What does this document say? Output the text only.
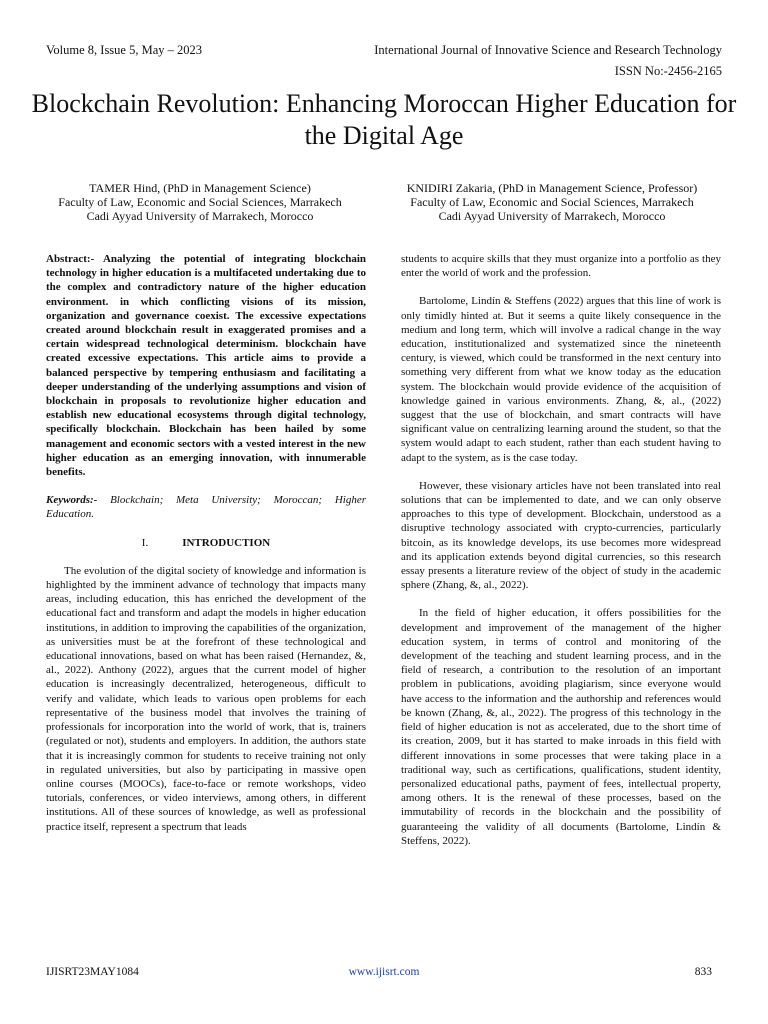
Volume 8, Issue 5, May – 2023	International Journal of Innovative Science and Research Technology
ISSN No:-2456-2165
Blockchain Revolution: Enhancing Moroccan Higher Education for the Digital Age
TAMER Hind, (PhD in Management Science)
Faculty of Law, Economic and Social Sciences, Marrakech
Cadi Ayyad University of Marrakech, Morocco
KNIDIRI Zakaria, (PhD in Management Science, Professor)
Faculty of Law, Economic and Social Sciences, Marrakech
Cadi Ayyad University of Marrakech, Morocco

Abstract:- Analyzing the potential of integrating blockchain technology in higher education is a multifaceted undertaking due to the complex and contradictory nature of the higher education environment. in which conflicting visions of its mission, organization and governance coexist. The excessive expectations created around blockchain result in exaggerated promises and a certain widespread technological determinism. blockchain have created excessive expectations. This article aims to provide a balanced perspective by tempering enthusiasm and facilitating a deeper understanding of the underlying assumptions and vision of blockchain in proposals to revolutionize higher education and establish new educational ecosystems through digital technology, specifically blockchain. Blockchain has been hailed by some management and economic sectors with a vested interest in the new higher education as an emerging innovation, with innumerable benefits.

Keywords:- Blockchain; Meta University; Moroccan; Higher Education.

I.	INTRODUCTION

The evolution of the digital society of knowledge and information is highlighted by the imminent advance of technology that impacts many areas, including education, this has enriched the development of the educational fact and transform and adapt the models in higher education institutions, in addition to improving the capabilities of the organization, as universities must be at the forefront of these technological and educational innovations, based on what has been raised (Hernandez, &, al., 2022). Anthony (2022), argues that the current model of higher education is increasingly decentralized, heterogeneous, difficult to verify and validate, which leads to various open problems for each representative of the business model that involves the training of professionals for incorporation into the world of work, that is, trainers (regulated or not), students and employers. In addition, the authors state that it is increasingly common for students to receive training not only in regulated universities, but also by participating in massive open online courses (MOOCs), face-to-face or remote workshops, video tutorials, conferences, or video interviews, among others, in different institutions. All of these sources of knowledge, as well as professional practice itself, represent a spectrum that leads

students to acquire skills that they must organize into a portfolio as they enter the world of work and the profession.

Bartolome, Lindín & Steffens (2022) argues that this line of work is only timidly hinted at. But it seems a quite likely consequence in the medium and long term, which will involve a radical change in the way education, institutionalized and systematized since the nineteenth century, is viewed, which could be transformed in the next century into something very different from what we know today as the education system. The blockchain would provide evidence of the acquisition of knowledge gained in various environments. Zhang, &, al., (2022) suggest that the use of blockchain, and smart contracts will have significant value on centralizing learning around the student, so that the system would adapt to each student, rather than each student having to adapt to the system, as is the case today.

However, these visionary articles have not been translated into real solutions that can be implemented to date, and we can only observe approaches to this type of development. Blockchain, understood as a disruptive technology associated with crypto-currencies, particularly bitcoin, as its knowledge develops, its use becomes more widespread and its application extends beyond digital currencies, so this research essay presents a literature review of the object of study in the academic sphere (Zhang, &, al., 2022).

In the field of higher education, it offers possibilities for the development and improvement of the management of the higher education system, in terms of control and monitoring of the development of the teaching and student learning process, and in the field of research, a contribution to the resolution of an important problem in publications, avoiding plagiarism, since everyone would have access to the information and the authorship and references would be known (Zhang, &, al., 2022). The progress of this technology in the field of higher education is not as accelerated, due to the short time of its creation, 2009, but it has started to make inroads in this field with different innovations in some processes that were taking place in a traditional way, such as certifications, qualifications, student identity, personalized educational paths, payment of fees, intellectual property, among others. It is the renewal of these processes, based on the immutability of records in the blockchain and the possibility of guaranteeing the validity of all documents (Bartolome, Lindín & Steffens, 2022).

IJISRT23MAY1084	www.ijisrt.com	833
